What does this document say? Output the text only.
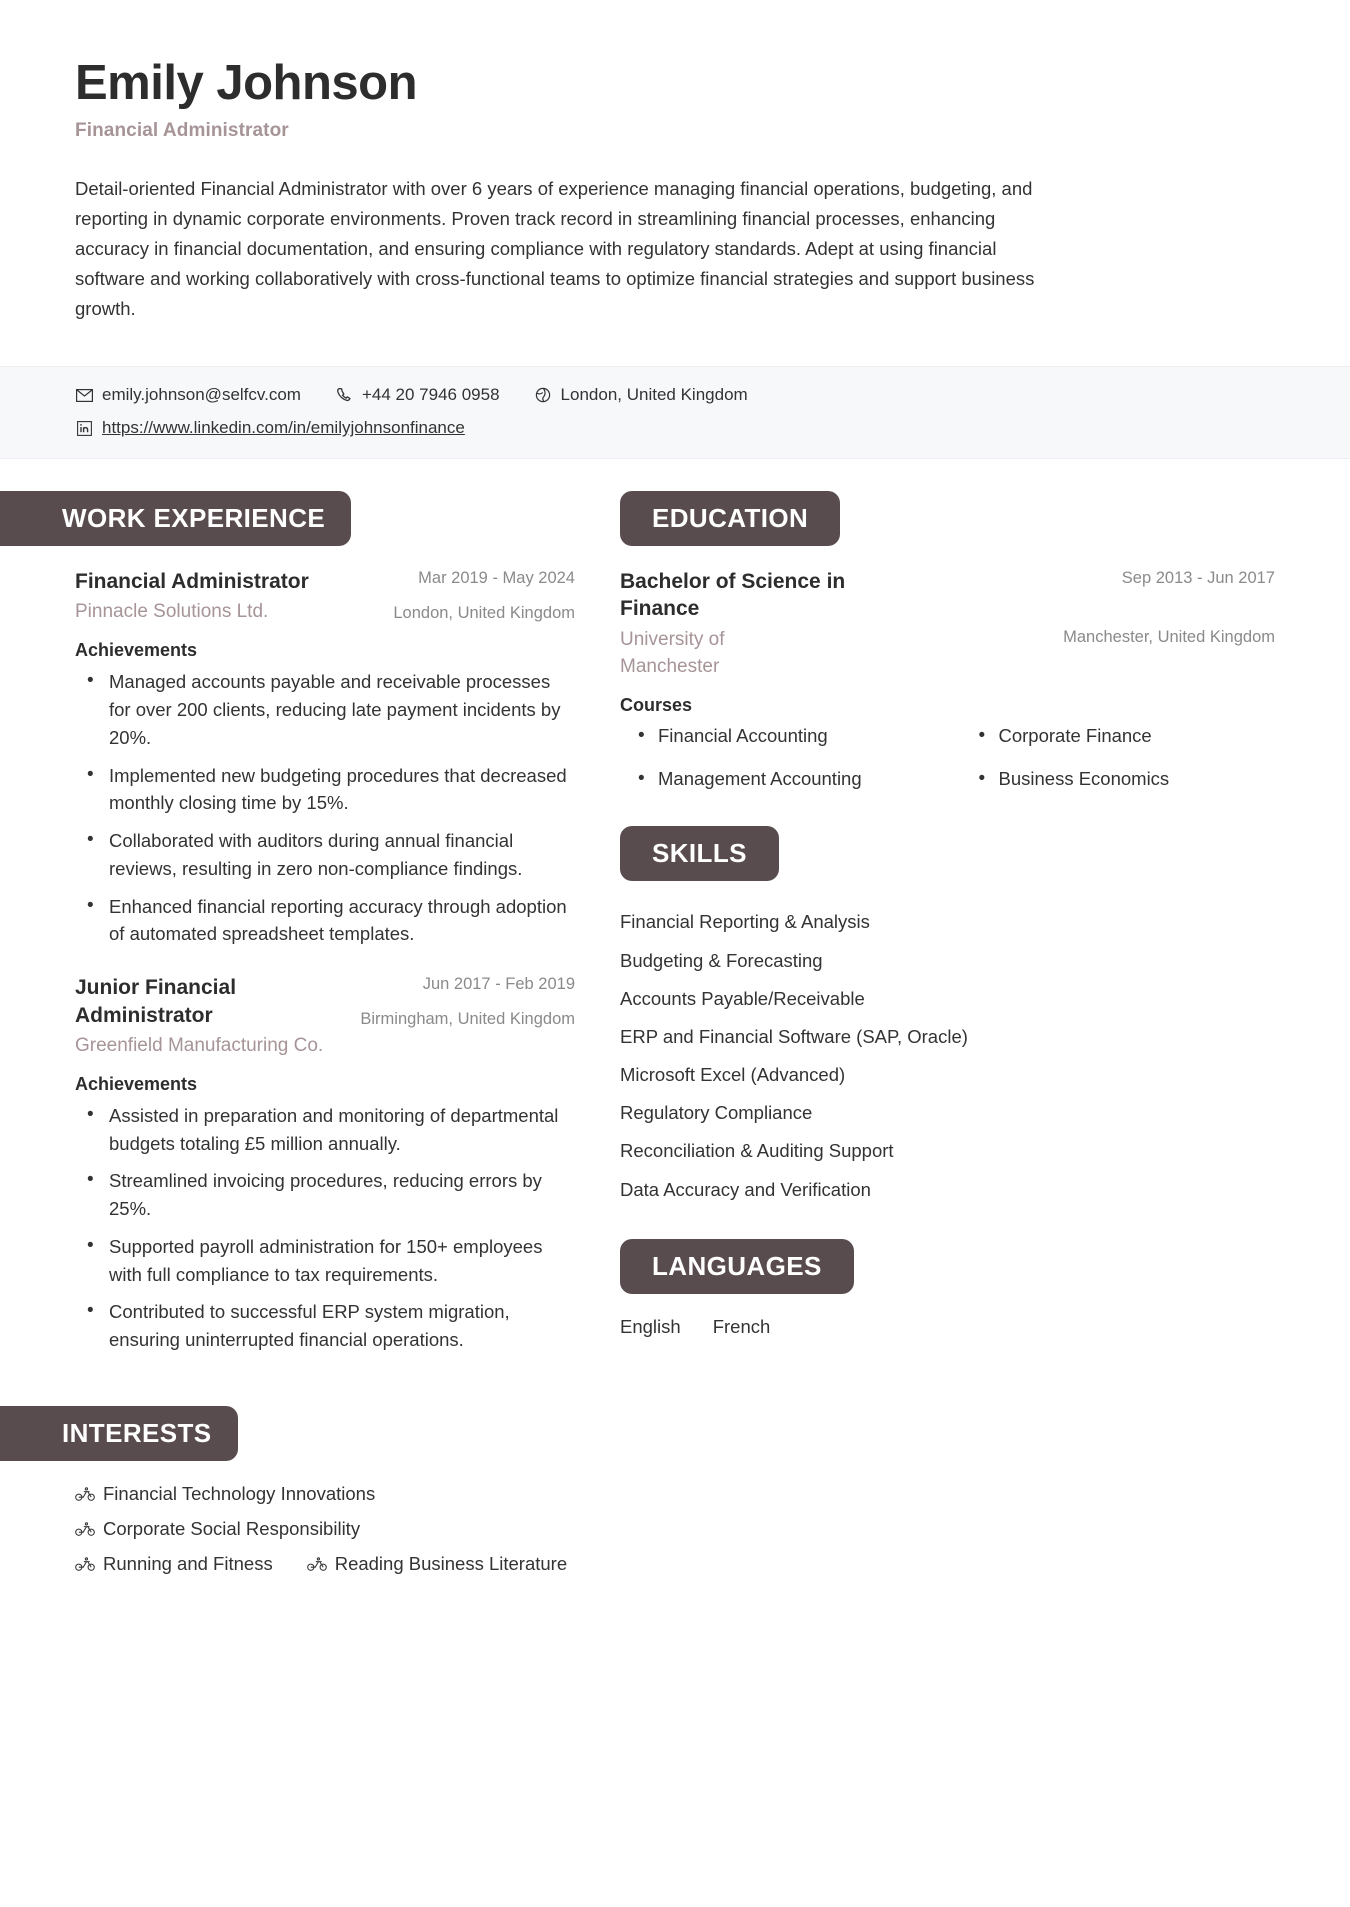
Emily Johnson
Financial Administrator
Detail-oriented Financial Administrator with over 6 years of experience managing financial operations, budgeting, and reporting in dynamic corporate environments. Proven track record in streamlining financial processes, enhancing accuracy in financial documentation, and ensuring compliance with regulatory standards. Adept at using financial software and working collaboratively with cross-functional teams to optimize financial strategies and support business growth.
emily.johnson@selfcv.com	+44 20 7946 0958	London, United Kingdom
https://www.linkedin.com/in/emilyjohnsonfinance
WORK EXPERIENCE
Financial Administrator
Pinnacle Solutions Ltd.
Mar 2019 - May 2024
London, United Kingdom
Achievements
• Managed accounts payable and receivable processes for over 200 clients, reducing late payment incidents by 20%.
• Implemented new budgeting procedures that decreased monthly closing time by 15%.
• Collaborated with auditors during annual financial reviews, resulting in zero non-compliance findings.
• Enhanced financial reporting accuracy through adoption of automated spreadsheet templates.
Junior Financial Administrator
Greenfield Manufacturing Co.
Jun 2017 - Feb 2019
Birmingham, United Kingdom
Achievements
• Assisted in preparation and monitoring of departmental budgets totaling £5 million annually.
• Streamlined invoicing procedures, reducing errors by 25%.
• Supported payroll administration for 150+ employees with full compliance to tax requirements.
• Contributed to successful ERP system migration, ensuring uninterrupted financial operations.
INTERESTS
Financial Technology Innovations
Corporate Social Responsibility
Running and Fitness	Reading Business Literature
EDUCATION
Bachelor of Science in Finance
University of Manchester
Sep 2013 - Jun 2017
Manchester, United Kingdom
Courses
• Financial Accounting	• Corporate Finance
• Management Accounting	• Business Economics
SKILLS
Financial Reporting & Analysis
Budgeting & Forecasting
Accounts Payable/Receivable
ERP and Financial Software (SAP, Oracle)
Microsoft Excel (Advanced)
Regulatory Compliance
Reconciliation & Auditing Support
Data Accuracy and Verification
LANGUAGES
English French
